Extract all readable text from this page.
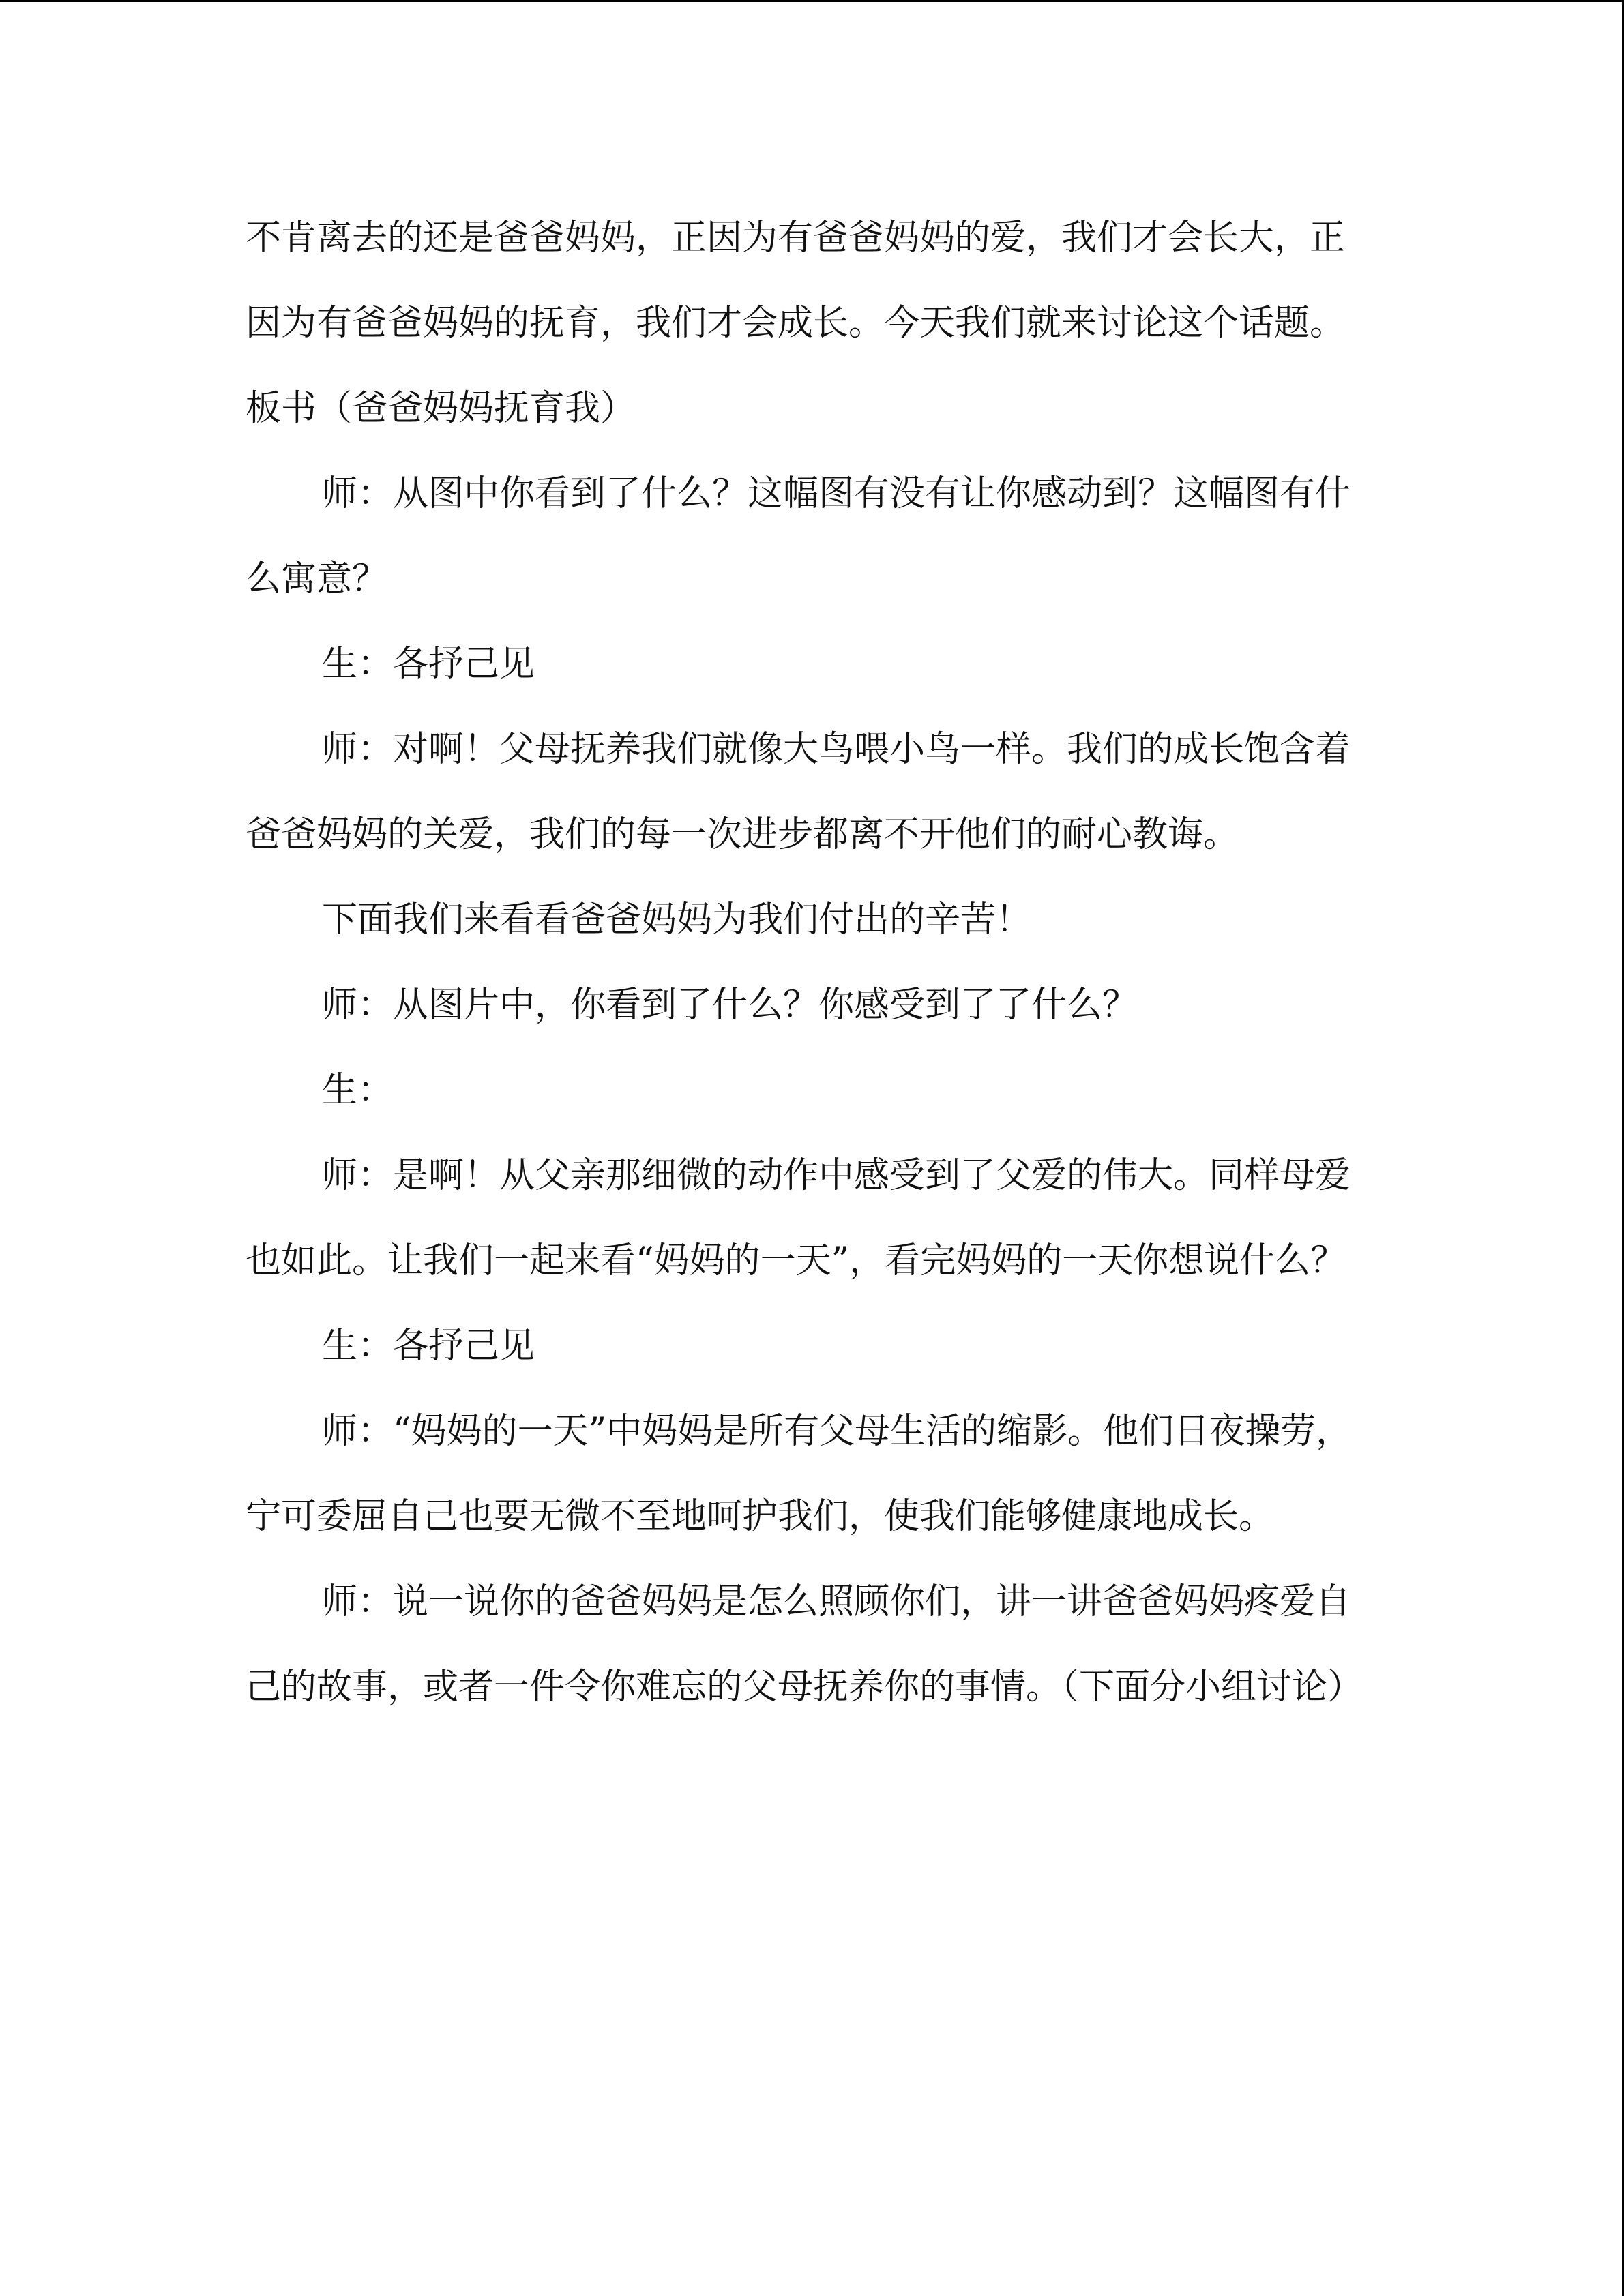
不肯离去的还是爸爸妈妈，正因为有爸爸妈妈的爱，我们才会长大，正因为有爸爸妈妈的抚育，我们才会成长。今天我们就来讨论这个话题。板书（爸爸妈妈抚育我）

师：从图中你看到了什么？这幅图有没有让你感动到？这幅图有什么寓意？

生：各抒己见

师：对啊！父母抚养我们就像大鸟喂小鸟一样。我们的成长饱含着爸爸妈妈的关爱，我们的每一次进步都离不开他们的耐心教诲。

下面我们来看看爸爸妈妈为我们付出的辛苦！

师：从图片中，你看到了什么？你感受到了了什么？

生：

师：是啊！从父亲那细微的动作中感受到了父爱的伟大。同样母爱也如此。让我们一起来看“妈妈的一天”，看完妈妈的一天你想说什么？

生：各抒己见

师：“妈妈的一天”中妈妈是所有父母生活的缩影。他们日夜操劳，宁可委屈自己也要无微不至地呵护我们，使我们能够健康地成长。

师：说一说你的爸爸妈妈是怎么照顾你们，讲一讲爸爸妈妈疼爱自己的故事，或者一件令你难忘的父母抚养你的事情。（下面分小组讨论）
